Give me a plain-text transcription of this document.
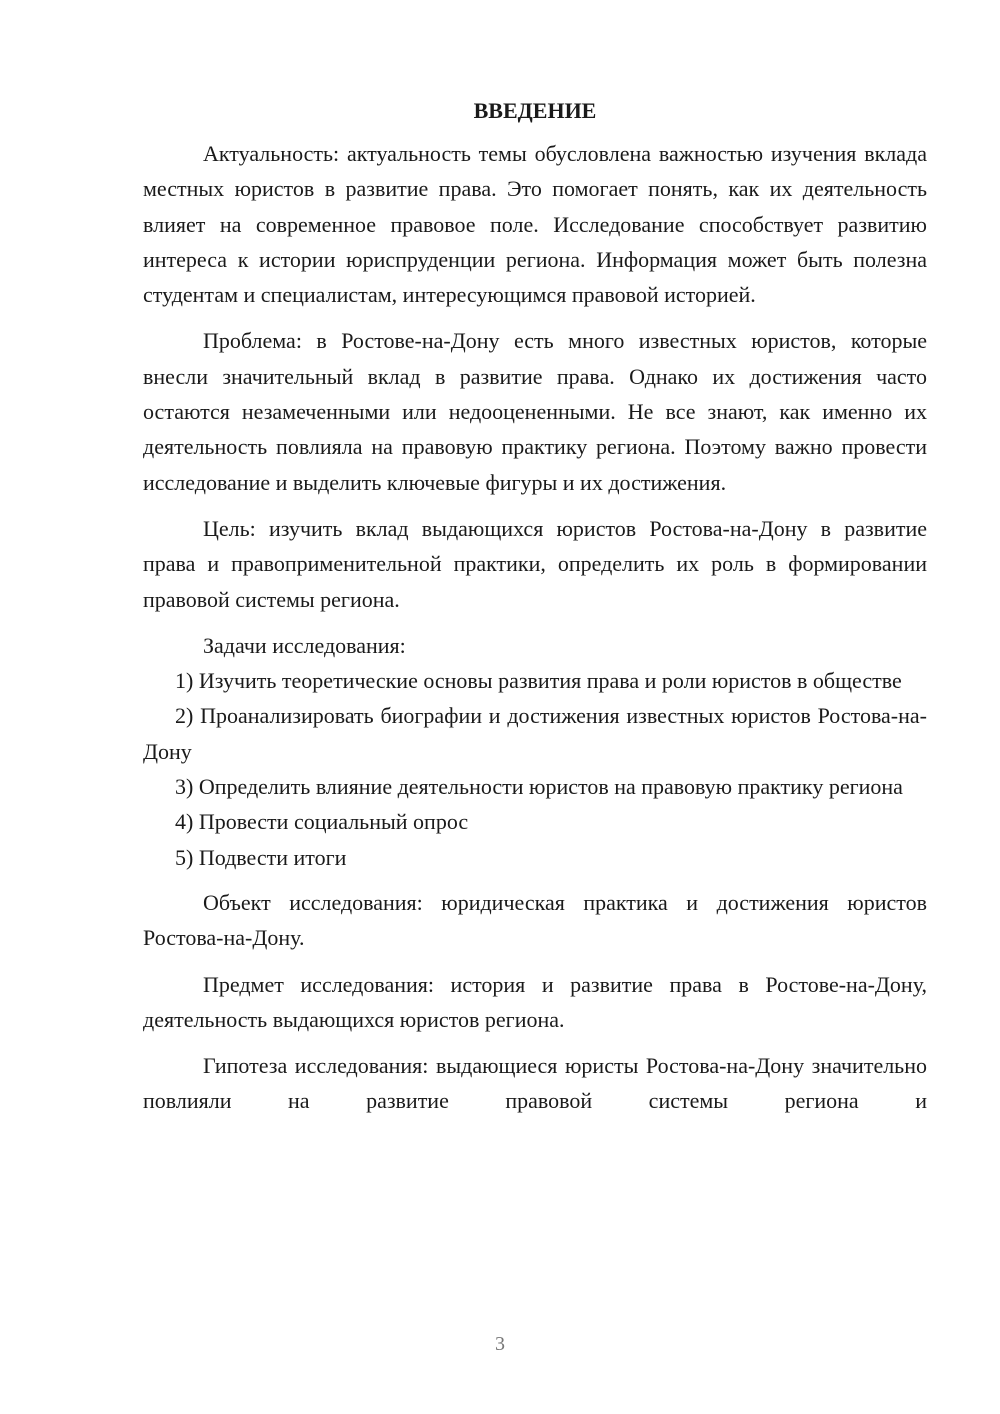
ВВЕДЕНИЕ

Актуальность: актуальность темы обусловлена важностью изучения вклада местных юристов в развитие права. Это помогает понять, как их деятельность влияет на современное правовое поле. Исследование способствует развитию интереса к истории юриспруденции региона. Информация может быть полезна студентам и специалистам, интересующимся правовой историей.

Проблема: в Ростове-на-Дону есть много известных юристов, которые внесли значительный вклад в развитие права. Однако их достижения часто остаются незамеченными или недооцененными. Не все знают, как именно их деятельность повлияла на правовую практику региона. Поэтому важно провести исследование и выделить ключевые фигуры и их достижения.

Цель: изучить вклад выдающихся юристов Ростова-на-Дону в развитие права и правоприменительной практики, определить их роль в формировании правовой системы региона.

Задачи исследования:

1) Изучить теоретические основы развития права и роли юристов в обществе

2) Проанализировать биографии и достижения известных юристов Ростова-на-Дону

3) Определить влияние деятельности юристов на правовую практику региона

4) Провести социальный опрос

5) Подвести итоги

Объект исследования: юридическая практика и достижения юристов Ростова-на-Дону.

Предмет исследования: история и развитие права в Ростове-на-Дону, деятельность выдающихся юристов региона.

Гипотеза исследования: выдающиеся юристы Ростова-на-Дону значительно повлияли на развитие правовой системы региона и

3
